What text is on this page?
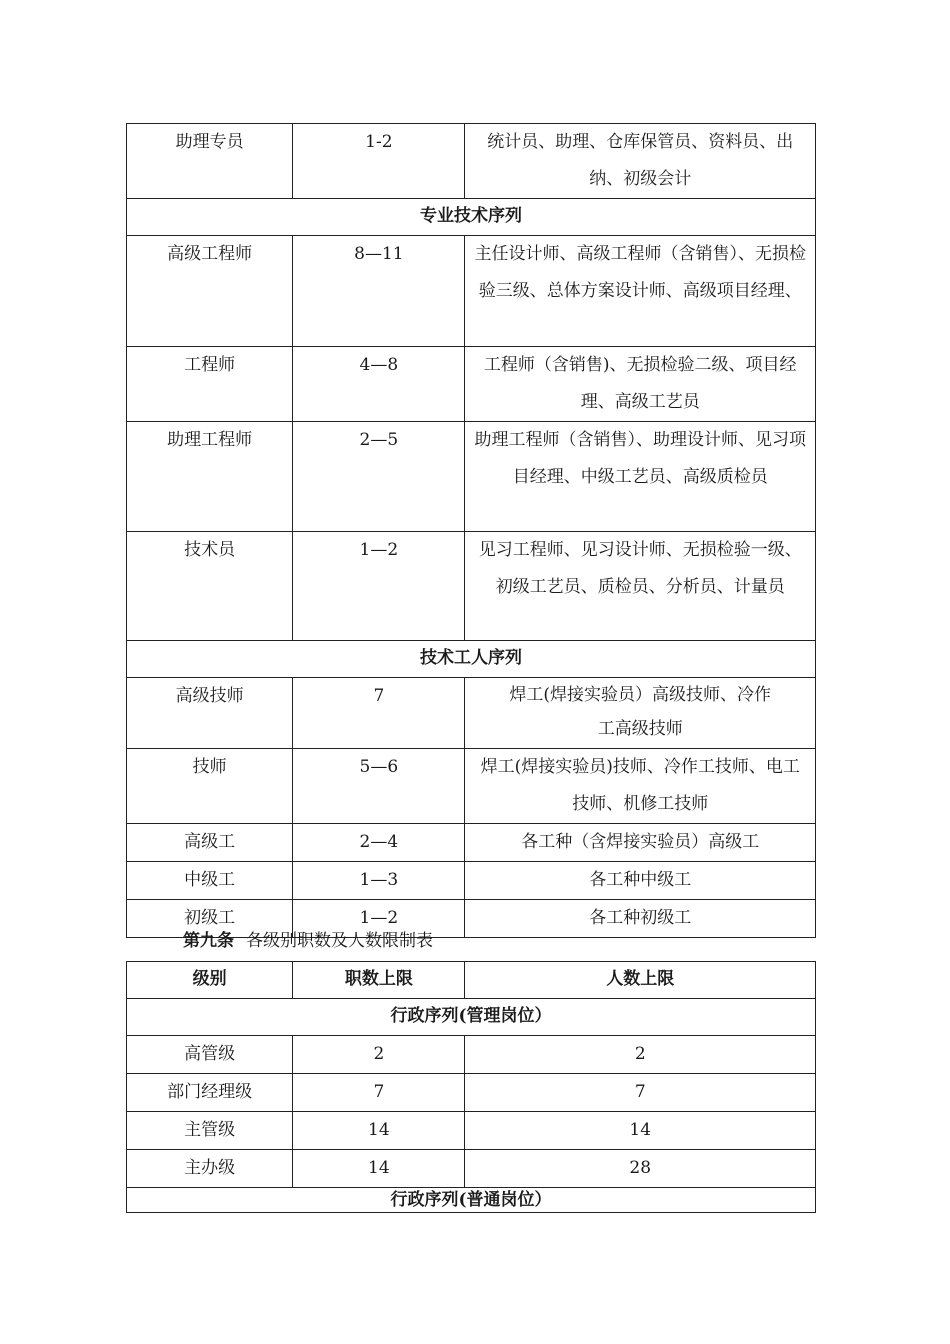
助理专员	1-2	统计员、助理、仓库保管员、资料员、出纳、初级会计
专业技术序列		
高级工程师	8—11	主任设计师、高级工程师（含销售）、无损检验三级、总体方案设计师、高级项目经理、
工程师	4—8	工程师（含销售)、无损检验二级、项目经理、高级工艺员
助理工程师	2—5	助理工程师（含销售）、助理设计师、见习项目经理、中级工艺员、高级质检员
技术员	1—2	见习工程师、见习设计师、无损检验一级、初级工艺员、质检员、分析员、计量员
技术工人序列		
高级技师	7	焊工(焊接实验员）高级技师、冷作工高级技师
技师	5—6	焊工(焊接实验员)技师、冷作工技师、电工技师、机修工技师
高级工	2—4	各工种（含焊接实验员）高级工
中级工	1—3	各工种中级工
初级工	1—2	各工种初级工
第九条 各级别职数及人数限制表
级别	职数上限	人数上限
行政序列(管理岗位）		
高管级	2	2
部门经理级	7	7
主管级	14	14
主办级	14	28
行政序列(普通岗位）		
